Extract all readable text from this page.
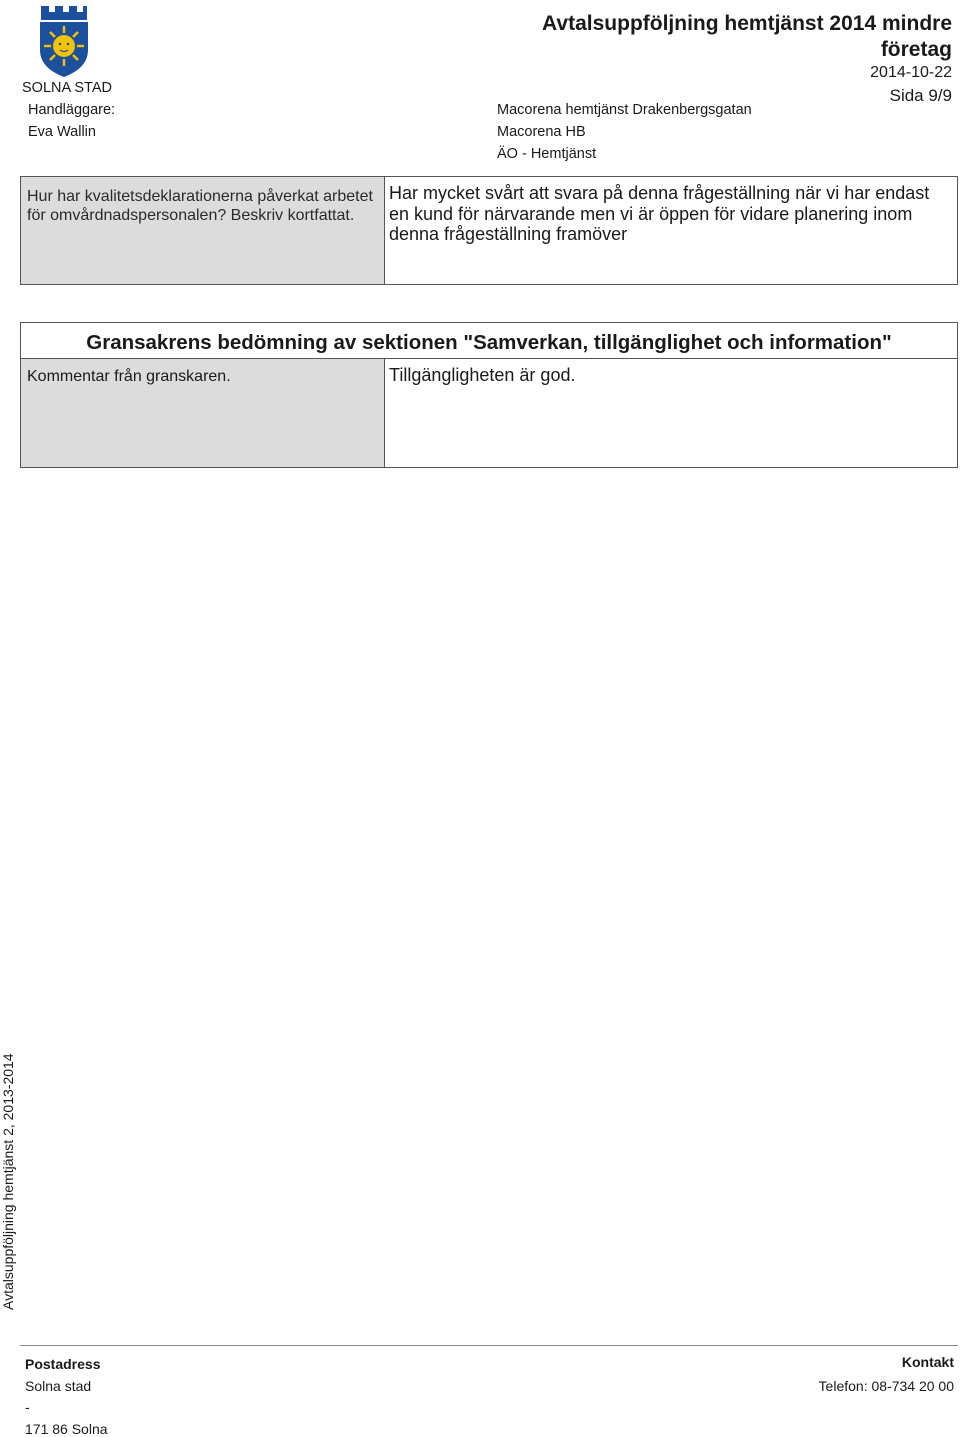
SOLNA STAD
Handläggare:
Eva Wallin
Avtalsuppföljning hemtjänst 2014 mindre företag
2014-10-22
Sida 9/9
Macorena hemtjänst Drakenbergsgatan
Macorena HB
ÄO - Hemtjänst
Hur har kvalitetsdeklarationerna påverkat arbetet för omvårdnadspersonalen? Beskriv kortfattat.
Har mycket svårt att svara på denna frågeställning när vi har endast en kund för närvarande men vi är öppen för vidare planering inom denna frågeställning framöver
Gransakrens bedömning av sektionen "Samverkan, tillgänglighet och information"
Kommentar från granskaren.	Tillgängligheten är god.
Avtalsuppföljning hemtjänst 2, 2013-2014
Postadress
Solna stad
-
171 86 Solna
Kontakt
Telefon: 08-734 20 00
